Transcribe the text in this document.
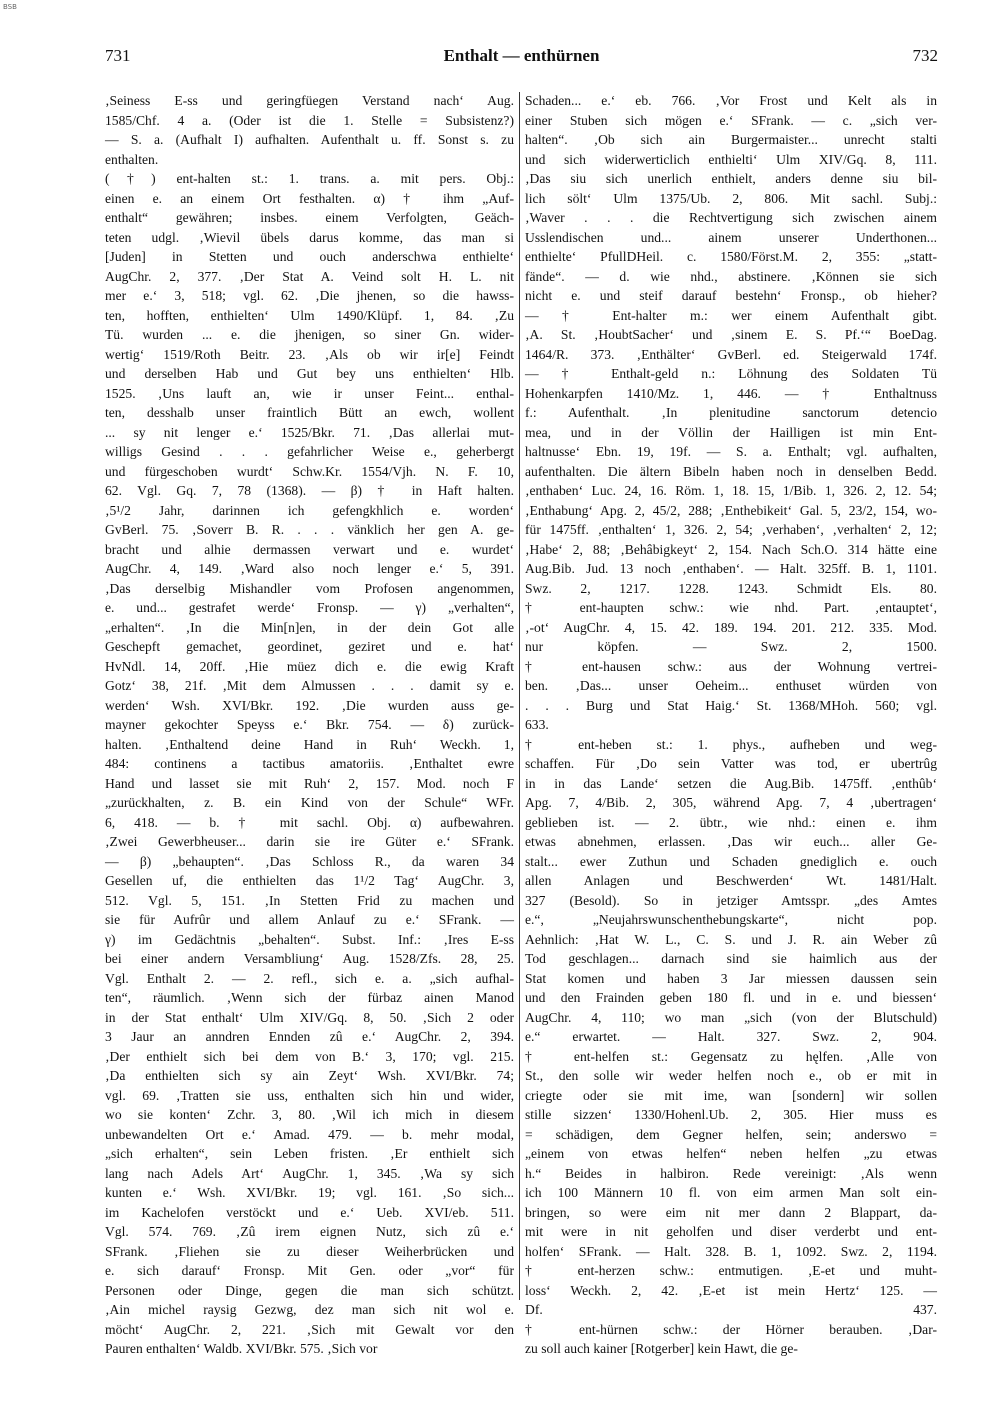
BSB
731	Enthalt — enthürnen	732
‚Seiness E-ss und geringfüegen Verstand nach‘ Aug.
1585/Chf. 4 a. (Oder ist die 1. Stelle = Subsistenz?)
— S. a. (Aufhalt I) aufhalten. Aufenthalt u. ff. Sonst s. zu
enthalten.
(†) ent-halten st.: 1. trans. a. mit pers. Obj.:
einen e. an einem Ort festhalten. α) † ihm „Auf-
enthalt“ gewähren; insbes. einem Verfolgten, Geäch-
teten udgl. ‚Wievil übels darus komme, das man si
[Juden] in Stetten und ouch anderschwa enthielte‘
AugChr. 2, 377. ‚Der Stat A. Veind solt H. L. nit
mer e.‘ 3, 518; vgl. 62. ‚Die jhenen, so die hawss-
ten, hofften, enthielten‘ Ulm 1490/Klüpf. 1, 84. ‚Zu
Tü. wurden ... e. die jhenigen, so siner Gn. wider-
wertig‘ 1519/Roth Beitr. 23. ‚Als ob wir ir[e] Feindt
und derselben Hab und Gut bey uns enthielten‘ Hlb.
1525. ‚Uns lauft an, wie ir unser Feint... enthal-
ten, desshalb unser fraintlich Bütt an ewch, wollent
... sy nit lenger e.‘ 1525/Bkr. 71. ‚Das allerlai mut-
willigs Gesind . . . gefahrlicher Weise e., geherbergt
und fürgeschoben wurdt‘ Schw.Kr. 1554/Vjh. N. F. 10,
62. Vgl. Gq. 7, 78 (1368). — β) † in Haft halten.
‚5¹/2 Jahr, darinnen ich gefengkhlich e. worden‘
GvBerl. 75. ‚Soverr B. R. . . . vänklich her gen A. ge-
bracht und alhie dermassen verwart und e. wurdet‘
AugChr. 4, 149. ‚Ward also noch lenger e.‘ 5, 391.
‚Das derselbig Mishandler vom Profosen angenommen,
e. und... gestrafet werde‘ Fronsp. — γ) „verhalten“,
„erhalten“. ‚In die Min[n]en, in der dein Got alle
Geschepft gemachet, geordinet, geziret und e. hat‘
HvNdl. 14, 20ff. ‚Hie müez dich e. die ewig Kraft
Gotz‘ 38, 21f. ‚Mit dem Almussen . . . damit sy e.
werden‘ Wsh. XVI/Bkr. 192. ‚Die wurden auss ge-
mayner gekochter Speyss e.‘ Bkr. 754. — δ) zurück-
halten. ‚Enthaltend deine Hand in Ruh‘ Weckh. 1,
484: continens a tactibus amatoriis. ‚Enthaltet ewre
Hand und lasset sie mit Ruh‘ 2, 157. Mod. noch F
„zurückhalten, z. B. ein Kind von der Schule“ WFr.
6, 418. — b. † mit sachl. Obj. α) aufbewahren.
‚Zwei Gewerbheuser... darin sie ire Güter e.‘ SFrank.
— β) „behaupten“. ‚Das Schloss R., da waren 34
Gesellen uf, die enthielten das 1¹/2 Tag‘ AugChr. 3,
512. Vgl. 5, 151. ‚In Stetten Frid zu machen und
sie für Aufrûr und allem Anlauf zu e.‘ SFrank. —
γ) im Gedächtnis „behalten“. Subst. Inf.: ‚Ires E-ss
bei einer andern Versambliung‘ Aug. 1528/Zfs. 28, 25.
Vgl. Enthalt 2. — 2. refl., sich e. a. „sich aufhal-
ten“, räumlich. ‚Wenn sich der fürbaz ainen Manod
in der Stat enthalt‘ Ulm XIV/Gq. 8, 50. ‚Sich 2 oder
3 Jaur an anndren Ennden zû e.‘ AugChr. 2, 394.
‚Der enthielt sich bei dem von B.‘ 3, 170; vgl. 215.
‚Da enthielten sich sy ain Zeyt‘ Wsh. XVI/Bkr. 74;
vgl. 69. ‚Tratten sie uss, enthalten sich hin und wider,
wo sie konten‘ Zchr. 3, 80. ‚Wil ich mich in diesem
unbewandelten Ort e.‘ Amad. 479. — b. mehr modal,
„sich erhalten“, sein Leben fristen. ‚Er enthielt sich
lang nach Adels Art‘ AugChr. 1, 345. ‚Wa sy sich
kunten e.‘ Wsh. XVI/Bkr. 19; vgl. 161. ‚So sich...
im Kachelofen verstöckt und e.‘ Ueb. XVI/eb. 511.
Vgl. 574. 769. ‚Zû irem eignen Nutz, sich zû e.‘
SFrank. ‚Fliehen sie zu dieser Weiherbrücken und
e. sich darauf‘ Fronsp. Mit Gen. oder „vor“ für
Personen oder Dinge, gegen die man sich schützt.
‚Ain michel raysig Gezwg, dez man sich nit wol e.
möcht‘ AugChr. 2, 221. ‚Sich mit Gewalt vor den
Pauren enthalten‘ Waldb. XVI/Bkr. 575. ‚Sich vor
Schaden... e.‘ eb. 766. ‚Vor Frost und Kelt als in
einer Stuben sich mögen e.‘ SFrank. — c. „sich ver-
halten“. ‚Ob sich ain Burgermaister... unrecht stalti
und sich widerwerticlich enthielti‘ Ulm XIV/Gq. 8, 111.
‚Das siu sich unerlich enthielt, anders denne siu bil-
lich sölt‘ Ulm 1375/Ub. 2, 806. Mit sachl. Subj.:
‚Waver . . . die Rechtvertigung sich zwischen ainem
Usslendischen und... ainem unserer Underthonen...
enthielte‘ PfullDHeil. c. 1580/Först.M. 2, 355: „statt-
fände“. — d. wie nhd., abstinere. ‚Können sie sich
nicht e. und steif darauf bestehn‘ Fronsp., ob hieher?
— † Ent-halter m.: wer einem Aufenthalt gibt.
‚A. St. ‚HoubtSacher‘ und ‚sinem E. S. Pf.‘“ BoeDag.
1464/R. 373. ‚Enthälter‘ GvBerl. ed. Steigerwald 174f.
— † Enthalt-geld n.: Löhnung des Soldaten Tü
Hohenkarpfen 1410/Mz. 1, 446. — † Enthaltnuss
f.: Aufenthalt. ‚In plenitudine sanctorum detencio
mea, und in der Völlin der Hailligen ist min Ent-
haltnusse‘ Ebn. 19, 19f. — S. a. Enthalt; vgl. aufhalten,
aufenthalten. Die ältern Bibeln haben noch in denselben Bedd.
‚enthaben‘ Luc. 24, 16. Röm. 1, 18. 15, 1/Bib. 1, 326. 2, 12. 54;
‚Enthabung‘ Apg. 2, 45/2, 288; ‚Enthebikeit‘ Gal. 5, 23/2, 154, wo-
für 1475ff. ‚enthalten‘ 1, 326. 2, 54; ‚verhaben‘, ‚verhalten‘ 2, 12;
‚Habe‘ 2, 88; ‚Behâbigkeyt‘ 2, 154. Nach Sch.O. 314 hätte eine
Aug.Bib. Jud. 13 noch ‚enthaben‘. — Halt. 325ff. B. 1, 1101.
Swz. 2, 1217. 1228. 1243. Schmidt Els. 80.
† ent-haupten schw.: wie nhd. Part. ‚entauptet‘,
‚-ot‘ AugChr. 4, 15. 42. 189. 194. 201. 212. 335. Mod.
nur köpfen. — Swz. 2, 1500.
† ent-hausen schw.: aus der Wohnung vertrei-
ben. ‚Das... unser Oeheim... enthuset würden von
. . . Burg und Stat Haig.‘ St. 1368/MHoh. 560; vgl.
633.
† ent-heben st.: 1. phys., aufheben und weg-
schaffen. Für ‚Do sein Vatter was tod, er ubertrûg
in in das Lande‘ setzen die Aug.Bib. 1475ff. ‚enthûb‘
Apg. 7, 4/Bib. 2, 305, während Apg. 7, 4 ‚ubertragen‘
geblieben ist. — 2. übtr., wie nhd.: einen e. ihm
etwas abnehmen, erlassen. ‚Das wir euch... aller Ge-
stalt... ewer Zuthun und Schaden gnediglich e. ouch
allen Anlagen und Beschwerden‘ Wt. 1481/Halt.
327 (Besold). So in jetziger Amtsspr. „des Amtes
e.“, „Neujahrswunschenthebungskarte“, nicht pop.
Aehnlich: ‚Hat W. L., C. S. und J. R. ain Weber zû
Tod geschlagen... darnach sind sie haimlich aus der
Stat komen und haben 3 Jar miessen daussen sein
und den Frainden geben 180 fl. und in e. und biessen‘
AugChr. 4, 110; wo man „sich (von der Blutschuld)
e.“ erwartet. — Halt. 327. Swz. 2, 904.
† ent-helfen st.: Gegensatz zu hęlfen. ‚Alle von
St., den solle wir weder helfen noch e., ob er mit in
criegte oder sie mit ime, wan [sondern] wir sollen
stille sizzen‘ 1330/Hohenl.Ub. 2, 305. Hier muss es
= schädigen, dem Gegner helfen, sein; anderswo =
„einem von etwas helfen“ neben helfen „zu etwas
h.“ Beides in halbiron. Rede vereinigt: ‚Als wenn
ich 100 Männern 10 fl. von eim armen Man solt ein-
bringen, so were eim nit mer dann 2 Blappart, da-
mit were in nit geholfen und diser verderbt und ent-
holfen‘ SFrank. — Halt. 328. B. 1, 1092. Swz. 2, 1194.
† ent-herzen schw.: entmutigen. ‚E-et und muht-
loss‘ Weckh. 2, 42. ‚E-et ist mein Hertz‘ 125. —
Df. 437.
† ent-hürnen schw.: der Hörner berauben. ‚Dar-
zu soll auch kainer [Rotgerber] kein Hawt, die ge-
